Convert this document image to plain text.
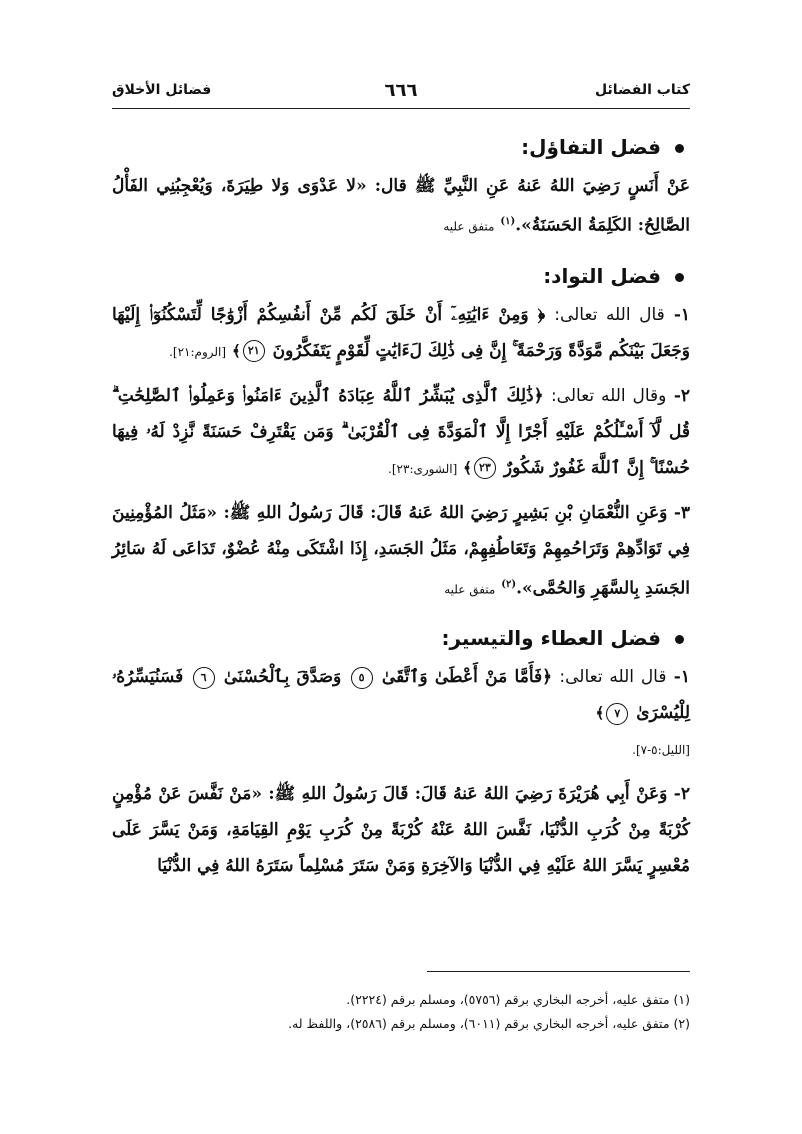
كتاب الفضائل
٦٦٦
فضائل الأخلاق
فضل التفاؤل:

عَنْ أَنَسٍ رَضِيَ اللهُ عَنهُ عَنِ النَّبِيِّ ﷺ قال: «لا عَدْوَى وَلا طِيَرَةَ، وَيُعْجِبُنِي الفَأْلُ الصَّالِحُ: الكَلِمَةُ الحَسَنَةُ».$^{(١)}$ متفق عليه

فضل التواد:

١- قال الله تعالى: ﴿ وَمِنْ ءَايَٰتِهِۦٓ أَنْ خَلَقَ لَكُم مِّنْ أَنفُسِكُمْ أَزْوَٰجًا لِّتَسْكُنُوٓا۟ إِلَيْهَا وَجَعَلَ بَيْنَكُم مَّوَدَّةً وَرَحْمَةً ۚ إِنَّ فِى ذَٰلِكَ لَءَايَٰتٍ لِّقَوْمٍ يَتَفَكَّرُونَ ٢١﴾ [الروم:٢١].

٢- وقال الله تعالى: ﴿ذَٰلِكَ ٱلَّذِى يُبَشِّرُ ٱللَّهُ عِبَادَهُ ٱلَّذِينَ ءَامَنُوا۟ وَعَمِلُوا۟ ٱلصَّٰلِحَٰتِ ۗ قُل لَّآ أَسْـَٔلُكُمْ عَلَيْهِ أَجْرًا إِلَّا ٱلْمَوَدَّةَ فِى ٱلْقُرْبَىٰ ۗ وَمَن يَقْتَرِفْ حَسَنَةً نَّزِدْ لَهُۥ فِيهَا حُسْنًا ۚ إِنَّ ٱللَّهَ غَفُورٌ شَكُورٌ ٢٣﴾ [الشورى:٢٣].

٣- وَعَنِ النُّعْمَانِ بْنِ بَشِيرٍ رَضِيَ اللهُ عَنهُ قَالَ: قَالَ رَسُولُ اللهِ ﷺ: «مَثَلُ المُؤْمِنِينَ فِي تَوَادِّهِمْ وَتَرَاحُمِهِمْ وَتَعَاطُفِهِمْ، مَثَلُ الجَسَدِ، إِذَا اشْتَكَى مِنْهُ عُضْوٌ، تَدَاعَى لَهُ سَائِرُ الجَسَدِ بِالسَّهَرِ وَالحُمَّى».$^{(٢)}$ متفق عليه

فضل العطاء والتيسير:

١- قال الله تعالى: ﴿فَأَمَّا مَنْ أَعْطَىٰ وَٱتَّقَىٰ ٥ وَصَدَّقَ بِٱلْحُسْنَىٰ ٦ فَسَنُيَسِّرُهُۥ لِلْيُسْرَىٰ ٧﴾
[الليل:٥-٧].

٢- وَعَنْ أَبِي هُرَيْرَةَ رَضِيَ اللهُ عَنهُ قَالَ: قَالَ رَسُولُ اللهِ ﷺ: «مَنْ نَفَّسَ عَنْ مُؤْمِنٍ كُرْبَةً مِنْ كُرَبِ الدُّنْيَا، نَفَّسَ اللهُ عَنْهُ كُرْبَةً مِنْ كُرَبِ يَوْمِ القِيَامَةِ، وَمَنْ يَسَّرَ عَلَى مُعْسِرٍ يَسَّرَ اللهُ عَلَيْهِ فِي الدُّنْيَا وَالآخِرَةِ وَمَنْ سَتَرَ مُسْلِماً سَتَرَهُ اللهُ فِي الدُّنْيَا

(١) متفق عليه، أخرجه البخاري برقم (٥٧٥٦)، ومسلم برقم (٢٢٢٤).
(٢) متفق عليه، أخرجه البخاري برقم (٦٠١١)، ومسلم برقم (٢٥٨٦)، واللفظ له.
